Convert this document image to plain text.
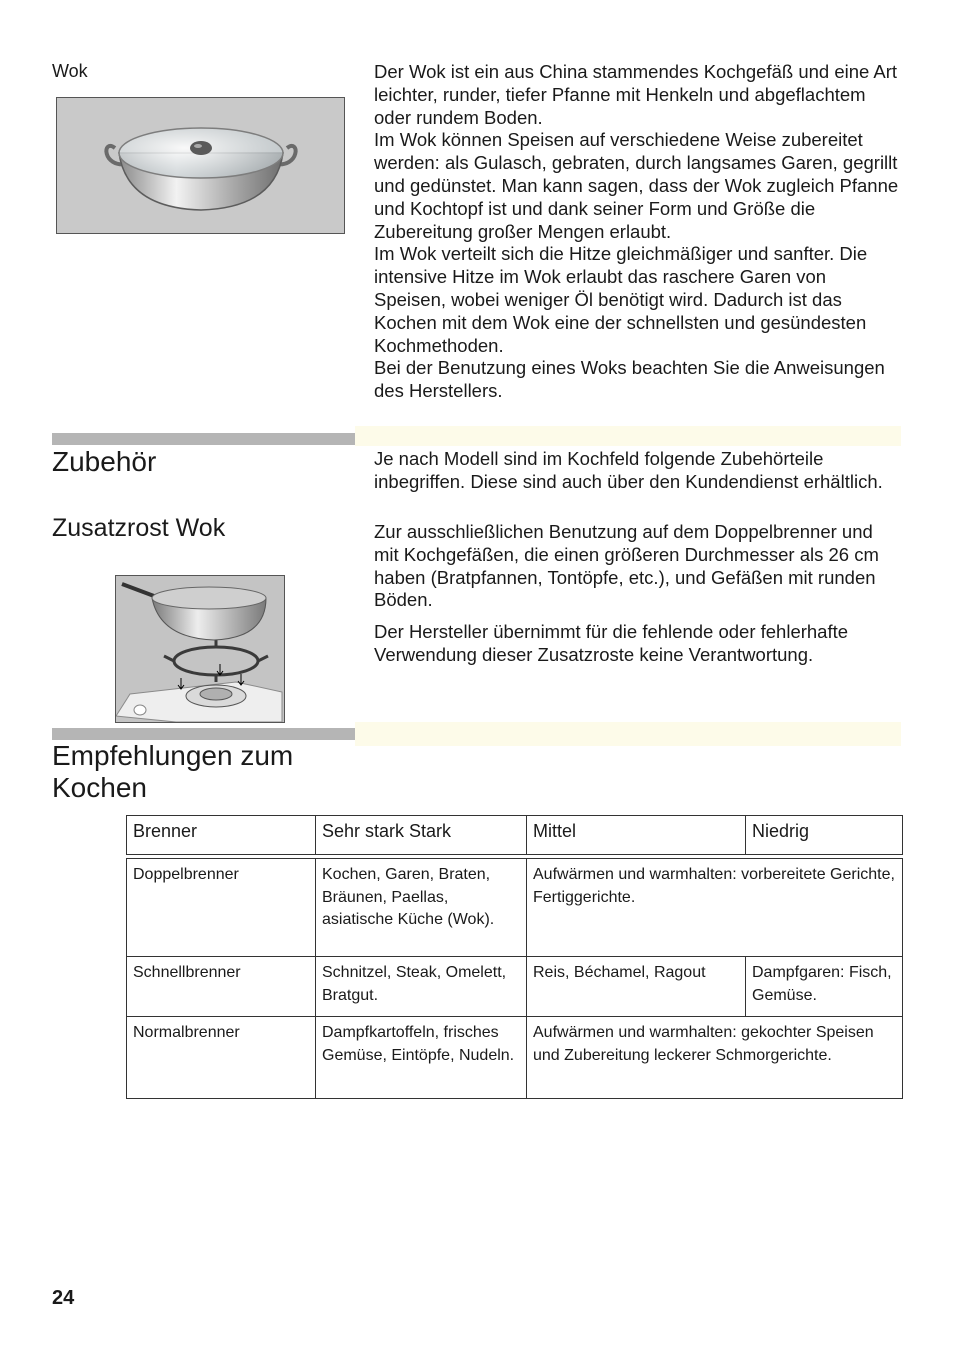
Wok	Der Wok ist ein aus China stammendes Kochgefäß und eine Art leichter, runder, tiefer Pfanne mit Henkeln und abgeflachtem oder rundem Boden.

Im Wok können Speisen auf verschiedene Weise zubereitet werden: als Gulasch, gebraten, durch langsames Garen, gegrillt und gedünstet. Man kann sagen, dass der Wok zugleich Pfanne und Kochtopf ist und dank seiner Form und Größe die Zubereitung großer Mengen erlaubt.

Im Wok verteilt sich die Hitze gleichmäßiger und sanfter. Die intensive Hitze im Wok erlaubt das raschere Garen von Speisen, wobei weniger Öl benötigt wird. Dadurch ist das Kochen mit dem Wok eine der schnellsten und gesündesten Kochmethoden.

Bei der Benutzung eines Woks beachten Sie die Anweisungen des Herstellers.

Zubehör	Je nach Modell sind im Kochfeld folgende Zubehörteile inbegriffen. Diese sind auch über den Kundendienst erhältlich.

Zusatzrost Wok	Zur ausschließlichen Benutzung auf dem Doppelbrenner und mit Kochgefäßen, die einen größeren Durchmesser als 26 cm haben (Bratpfannen, Tontöpfe, etc.), und Gefäßen mit runden Böden.

Der Hersteller übernimmt für die fehlende oder fehlerhafte Verwendung dieser Zusatzroste keine Verantwortung.

Empfehlungen zum Kochen
Brenner	Sehr stark Stark	Mittel	Niedrig

Doppelbrenner	Kochen, Garen, Braten, Bräunen, Paellas, asiatische Küche (Wok).	Aufwärmen und warmhalten: vorbereitete Gerichte, Fertiggerichte.	
Schnellbrenner	Schnitzel, Steak, Omelett, Bratgut.	Reis, Béchamel, Ragout	Dampfgaren: Fisch, Gemüse.
Normalbrenner	Dampfkartoffeln, frisches Gemüse, Eintöpfe, Nudeln.	Aufwärmen und warmhalten: gekochter Speisen und Zubereitung leckerer Schmorgerichte.	
24
